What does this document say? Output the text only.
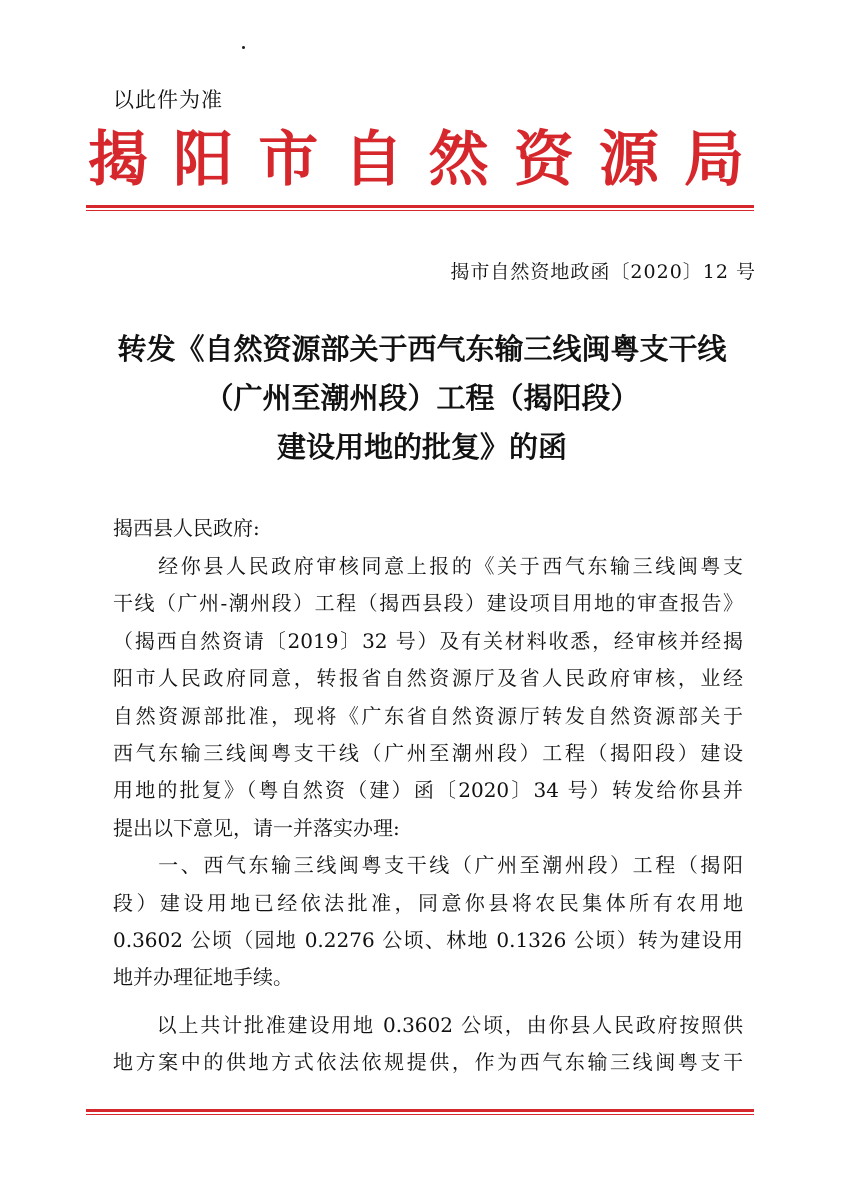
以此件为准
揭阳市自然资源局
揭市自然资地政函〔2020〕12 号
转发《自然资源部关于西气东输三线闽粤支干线
（广州至潮州段）工程（揭阳段）
建设用地的批复》的函
揭西县人民政府:
　　经你县人民政府审核同意上报的《关于西气东输三线闽粤支
干线（广州-潮州段）工程（揭西县段）建设项目用地的审查报告》
（揭西自然资请〔2019〕32 号）及有关材料收悉，经审核并经揭
阳市人民政府同意，转报省自然资源厅及省人民政府审核，业经
自然资源部批准，现将《广东省自然资源厅转发自然资源部关于
西气东输三线闽粤支干线（广州至潮州段）工程（揭阳段）建设
用地的批复》（粤自然资（建）函〔2020〕34 号）转发给你县并
提出以下意见，请一并落实办理:
　　一、西气东输三线闽粤支干线（广州至潮州段）工程（揭阳
段）建设用地已经依法批准，同意你县将农民集体所有农用地
0.3602 公顷（园地 0.2276 公顷、林地 0.1326 公顷）转为建设用
地并办理征地手续。
　　以上共计批准建设用地 0.3602 公顷，由你县人民政府按照供
地方案中的供地方式依法依规提供，作为西气东输三线闽粤支干
